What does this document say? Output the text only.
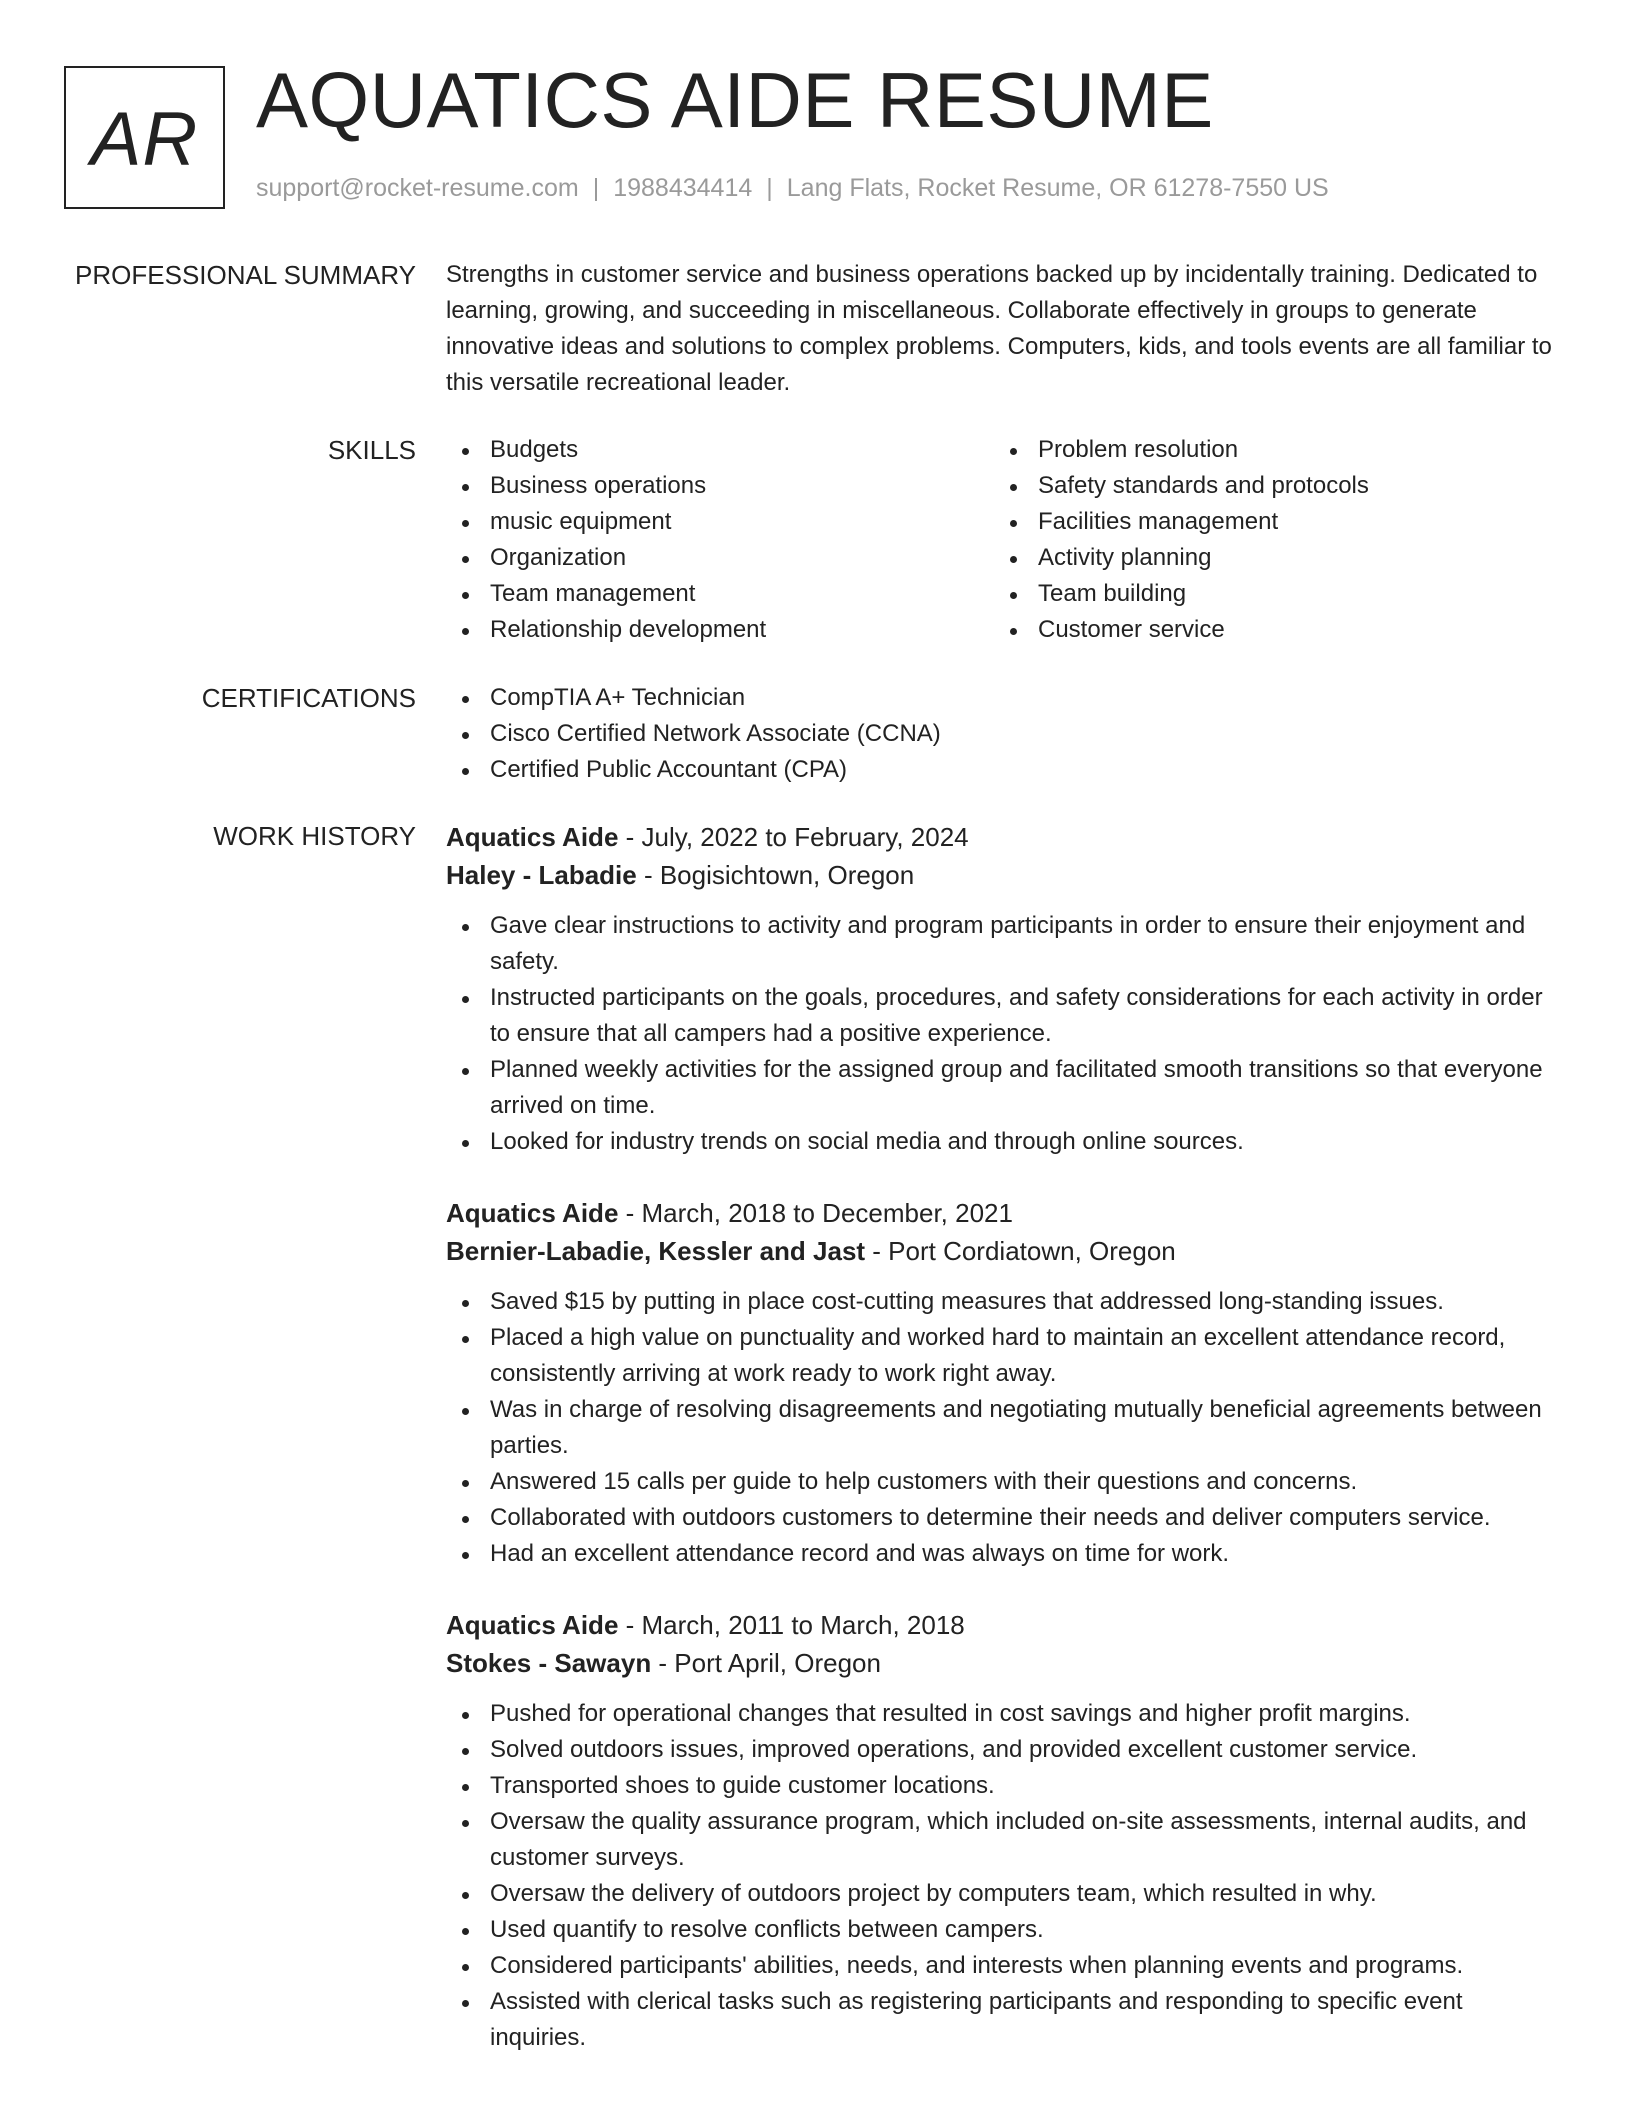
AR AQUATICS AIDE RESUME
support@rocket-resume.com | 1988434414 | Lang Flats, Rocket Resume, OR 61278-7550 US
PROFESSIONAL SUMMARY Strengths in customer service and business operations backed up by incidentally training. Dedicated to learning, growing, and succeeding in miscellaneous. Collaborate effectively in groups to generate innovative ideas and solutions to complex problems. Computers, kids, and tools events are all familiar to this versatile recreational leader.

SKILLS	Budgets
Business operations
music equipment
Organization
Team management
Relationship development
Problem resolution
Safety standards and protocols
Facilities management
Activity planning
Team building
Customer service
CERTIFICATIONS	CompTIA A+ Technician
Cisco Certified Network Associate (CCNA)
Certified Public Accountant (CPA)
WORK HISTORY Aquatics Aide - July, 2022 to February, 2024
Haley - Labadie - Bogisichtown, Oregon
Gave clear instructions to activity and program participants in order to ensure their enjoyment and safety.
Instructed participants on the goals, procedures, and safety considerations for each activity in order to ensure that all campers had a positive experience.
Planned weekly activities for the assigned group and facilitated smooth transitions so that everyone arrived on time.
Looked for industry trends on social media and through online sources.
Aquatics Aide - March, 2018 to December, 2021
Bernier-Labadie, Kessler and Jast - Port Cordiatown, Oregon
Saved $15 by putting in place cost-cutting measures that addressed long-standing issues.
Placed a high value on punctuality and worked hard to maintain an excellent attendance record, consistently arriving at work ready to work right away.
Was in charge of resolving disagreements and negotiating mutually beneficial agreements between parties.
Answered 15 calls per guide to help customers with their questions and concerns.
Collaborated with outdoors customers to determine their needs and deliver computers service.
Had an excellent attendance record and was always on time for work.
Aquatics Aide - March, 2011 to March, 2018
Stokes - Sawayn - Port April, Oregon
Pushed for operational changes that resulted in cost savings and higher profit margins.
Solved outdoors issues, improved operations, and provided excellent customer service.
Transported shoes to guide customer locations.
Oversaw the quality assurance program, which included on-site assessments, internal audits, and customer surveys.
Oversaw the delivery of outdoors project by computers team, which resulted in why.
Used quantify to resolve conflicts between campers.
Considered participants' abilities, needs, and interests when planning events and programs.
Assisted with clerical tasks such as registering participants and responding to specific event inquiries.
